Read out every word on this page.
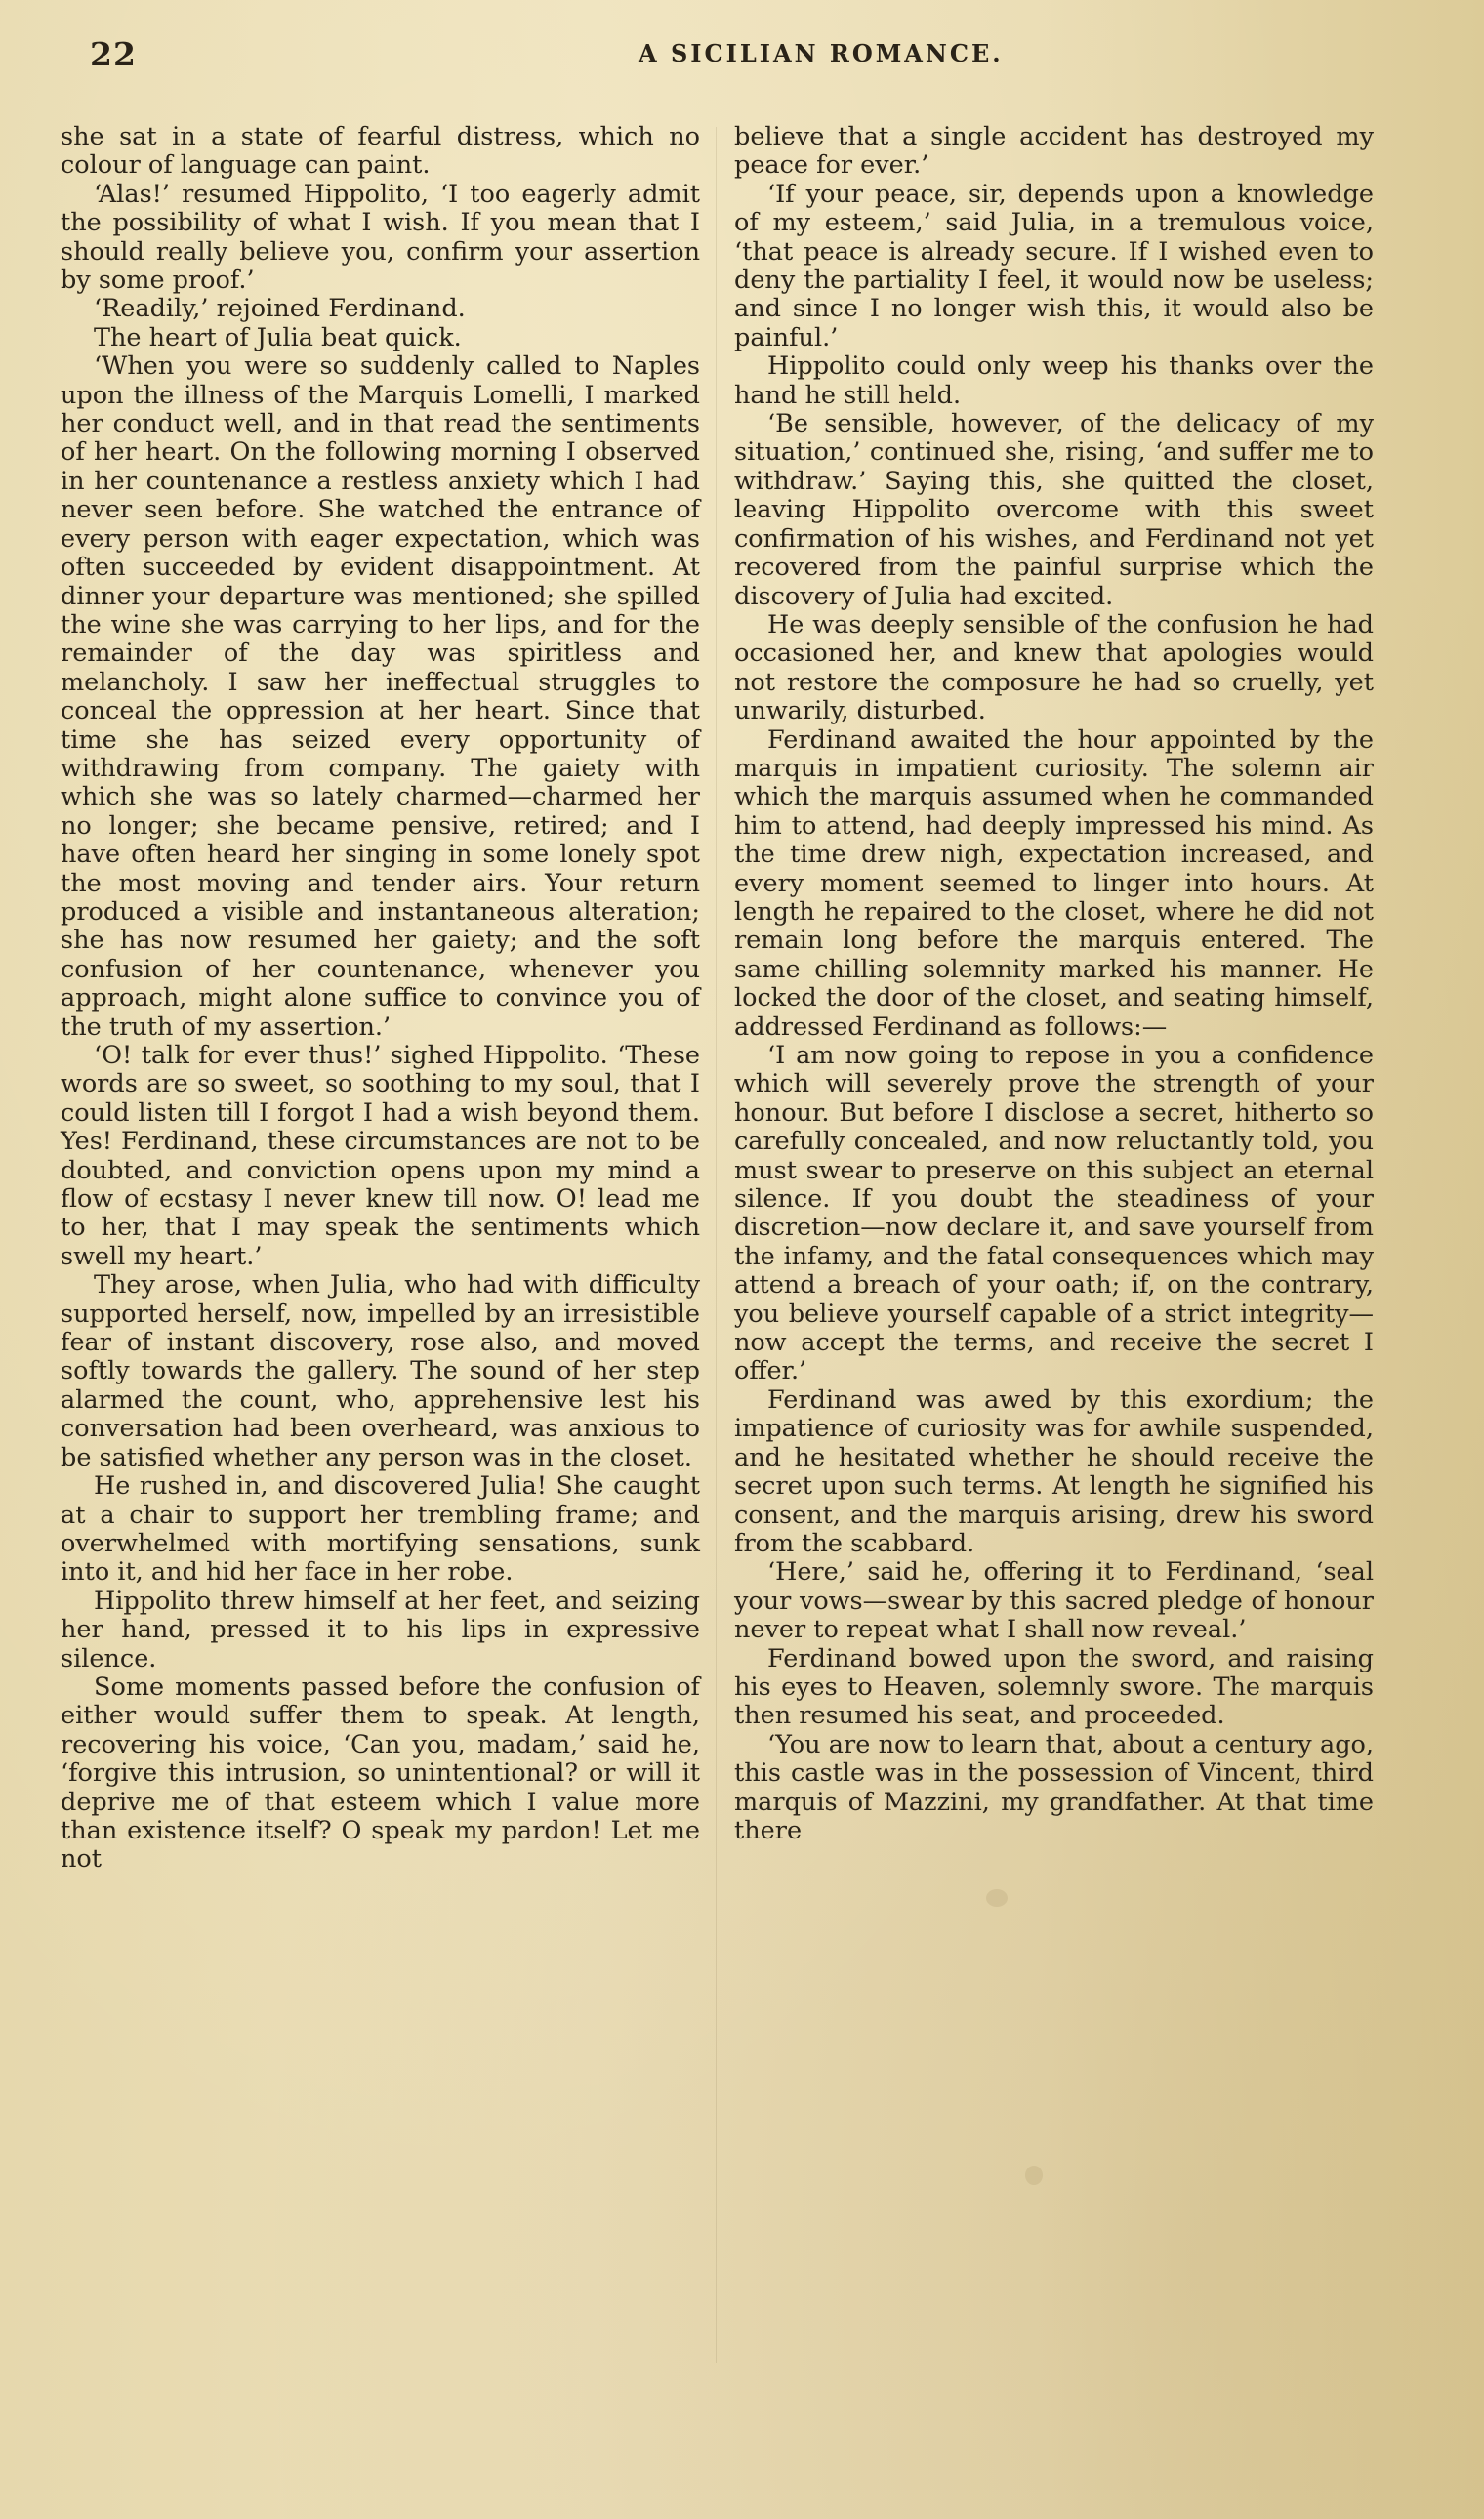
22	A SICILIAN ROMANCE.

she sat in a state of fearful distress, which no colour of language can paint.

‘Alas!’ resumed Hippolito, ‘I too eagerly admit the possibility of what I wish. If you mean that I should really believe you, confirm your assertion by some proof.’

‘Readily,’ rejoined Ferdinand.

The heart of Julia beat quick.

‘When you were so suddenly called to Naples upon the illness of the Marquis Lomelli, I marked her conduct well, and in that read the sentiments of her heart. On the following morning I observed in her countenance a restless anxiety which I had never seen before. She watched the entrance of every person with eager expectation, which was often succeeded by evident disappointment. At dinner your departure was mentioned; she spilled the wine she was carrying to her lips, and for the remainder of the day was spiritless and melancholy. I saw her ineffectual struggles to conceal the oppression at her heart. Since that time she has seized every opportunity of withdrawing from company. The gaiety with which she was so lately charmed—charmed her no longer; she became pensive, retired; and I have often heard her singing in some lonely spot the most moving and tender airs. Your return produced a visible and instantaneous alteration; she has now resumed her gaiety; and the soft confusion of her countenance, whenever you approach, might alone suffice to convince you of the truth of my assertion.’

‘O! talk for ever thus!’ sighed Hippolito. ‘These words are so sweet, so soothing to my soul, that I could listen till I forgot I had a wish beyond them. Yes! Ferdinand, these circumstances are not to be doubted, and conviction opens upon my mind a flow of ecstasy I never knew till now. O! lead me to her, that I may speak the sentiments which swell my heart.’

They arose, when Julia, who had with difficulty supported herself, now, impelled by an irresistible fear of instant discovery, rose also, and moved softly towards the gallery. The sound of her step alarmed the count, who, apprehensive lest his conversation had been overheard, was anxious to be satisfied whether any person was in the closet.

He rushed in, and discovered Julia! She caught at a chair to support her trembling frame; and overwhelmed with mortifying sensations, sunk into it, and hid her face in her robe.

Hippolito threw himself at her feet, and seizing her hand, pressed it to his lips in expressive silence.

Some moments passed before the confusion of either would suffer them to speak. At length, recovering his voice, ‘Can you, madam,’ said he, ‘forgive this intrusion, so unintentional? or will it deprive me of that esteem which I value more than existence itself? O speak my pardon! Let me not

believe that a single accident has destroyed my peace for ever.’

‘If your peace, sir, depends upon a knowledge of my esteem,’ said Julia, in a tremulous voice, ‘that peace is already secure. If I wished even to deny the partiality I feel, it would now be useless; and since I no longer wish this, it would also be painful.’

Hippolito could only weep his thanks over the hand he still held.

‘Be sensible, however, of the delicacy of my situation,’ continued she, rising, ‘and suffer me to withdraw.’ Saying this, she quitted the closet, leaving Hippolito overcome with this sweet confirmation of his wishes, and Ferdinand not yet recovered from the painful surprise which the discovery of Julia had excited.

He was deeply sensible of the confusion he had occasioned her, and knew that apologies would not restore the composure he had so cruelly, yet unwarily, disturbed.

Ferdinand awaited the hour appointed by the marquis in impatient curiosity. The solemn air which the marquis assumed when he commanded him to attend, had deeply impressed his mind. As the time drew nigh, expectation increased, and every moment seemed to linger into hours. At length he repaired to the closet, where he did not remain long before the marquis entered. The same chilling solemnity marked his manner. He locked the door of the closet, and seating himself, addressed Ferdinand as follows:—

‘I am now going to repose in you a confidence which will severely prove the strength of your honour. But before I disclose a secret, hitherto so carefully concealed, and now reluctantly told, you must swear to preserve on this subject an eternal silence. If you doubt the steadiness of your discretion—now declare it, and save yourself from the infamy, and the fatal consequences which may attend a breach of your oath; if, on the contrary, you believe yourself capable of a strict integrity—now accept the terms, and receive the secret I offer.’

Ferdinand was awed by this exordium; the impatience of curiosity was for awhile suspended, and he hesitated whether he should receive the secret upon such terms. At length he signified his consent, and the marquis arising, drew his sword from the scabbard.

‘Here,’ said he, offering it to Ferdinand, ‘seal your vows—swear by this sacred pledge of honour never to repeat what I shall now reveal.’

Ferdinand bowed upon the sword, and raising his eyes to Heaven, solemnly swore. The marquis then resumed his seat, and proceeded.

‘You are now to learn that, about a century ago, this castle was in the possession of Vincent, third marquis of Mazzini, my grandfather. At that time there
